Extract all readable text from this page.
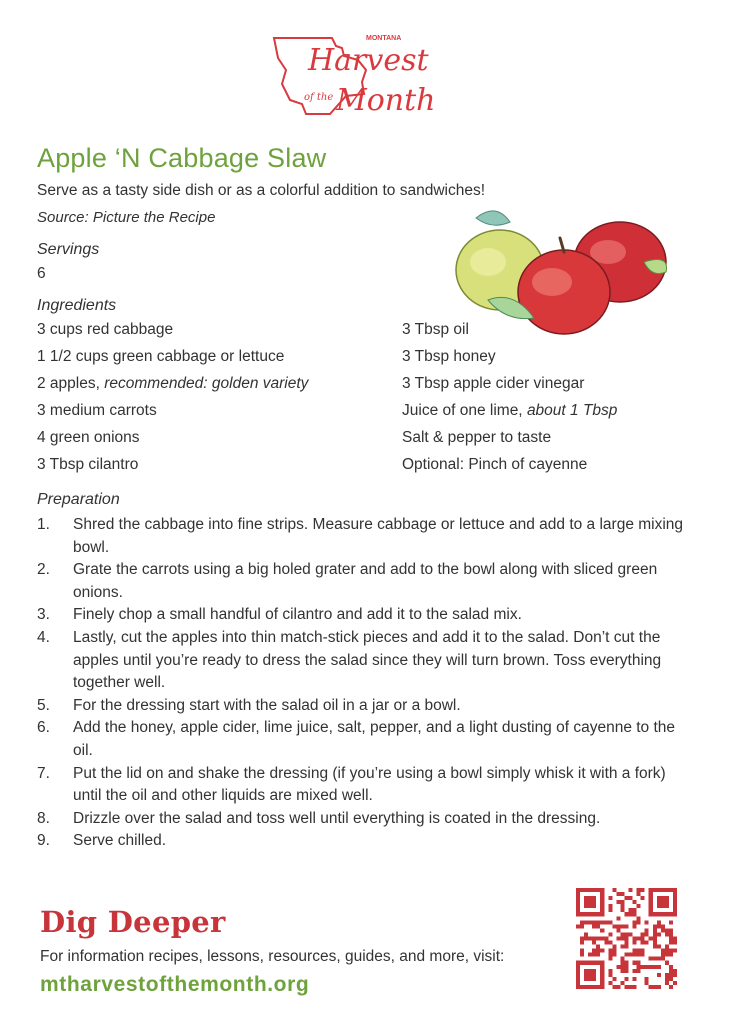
MONTANA
Harvest
of the Month
Apple ‘N Cabbage Slaw
Serve as a tasty side dish or as a colorful addition to sandwiches!
Source: Picture the Recipe
Servings
6
Ingredients
3 cups red cabbage
1 1/2 cups green cabbage or lettuce
2 apples, recommended: golden variety
3 medium carrots
4 green onions
3 Tbsp cilantro
3 Tbsp oil
3 Tbsp honey
3 Tbsp apple cider vinegar
Juice of one lime, about 1 Tbsp
Salt & pepper to taste
Optional: Pinch of cayenne
Preparation
1. Shred the cabbage into fine strips. Measure cabbage or lettuce and add to a large mixing bowl.
2. Grate the carrots using a big holed grater and add to the bowl along with sliced green onions.
3. Finely chop a small handful of cilantro and add it to the salad mix.
4. Lastly, cut the apples into thin match-stick pieces and add it to the salad. Don’t cut the apples until you’re ready to dress the salad since they will turn brown. Toss everything together well.
5. For the dressing start with the salad oil in a jar or a bowl.
6. Add the honey, apple cider, lime juice, salt, pepper, and a light dusting of cayenne to the oil.
7. Put the lid on and shake the dressing (if you’re using a bowl simply whisk it with a fork) until the oil and other liquids are mixed well.
8. Drizzle over the salad and toss well until everything is coated in the dressing.
9. Serve chilled.
Dig Deeper
For information recipes, lessons, resources, guides, and more, visit:
mtharvestofthemonth.org
